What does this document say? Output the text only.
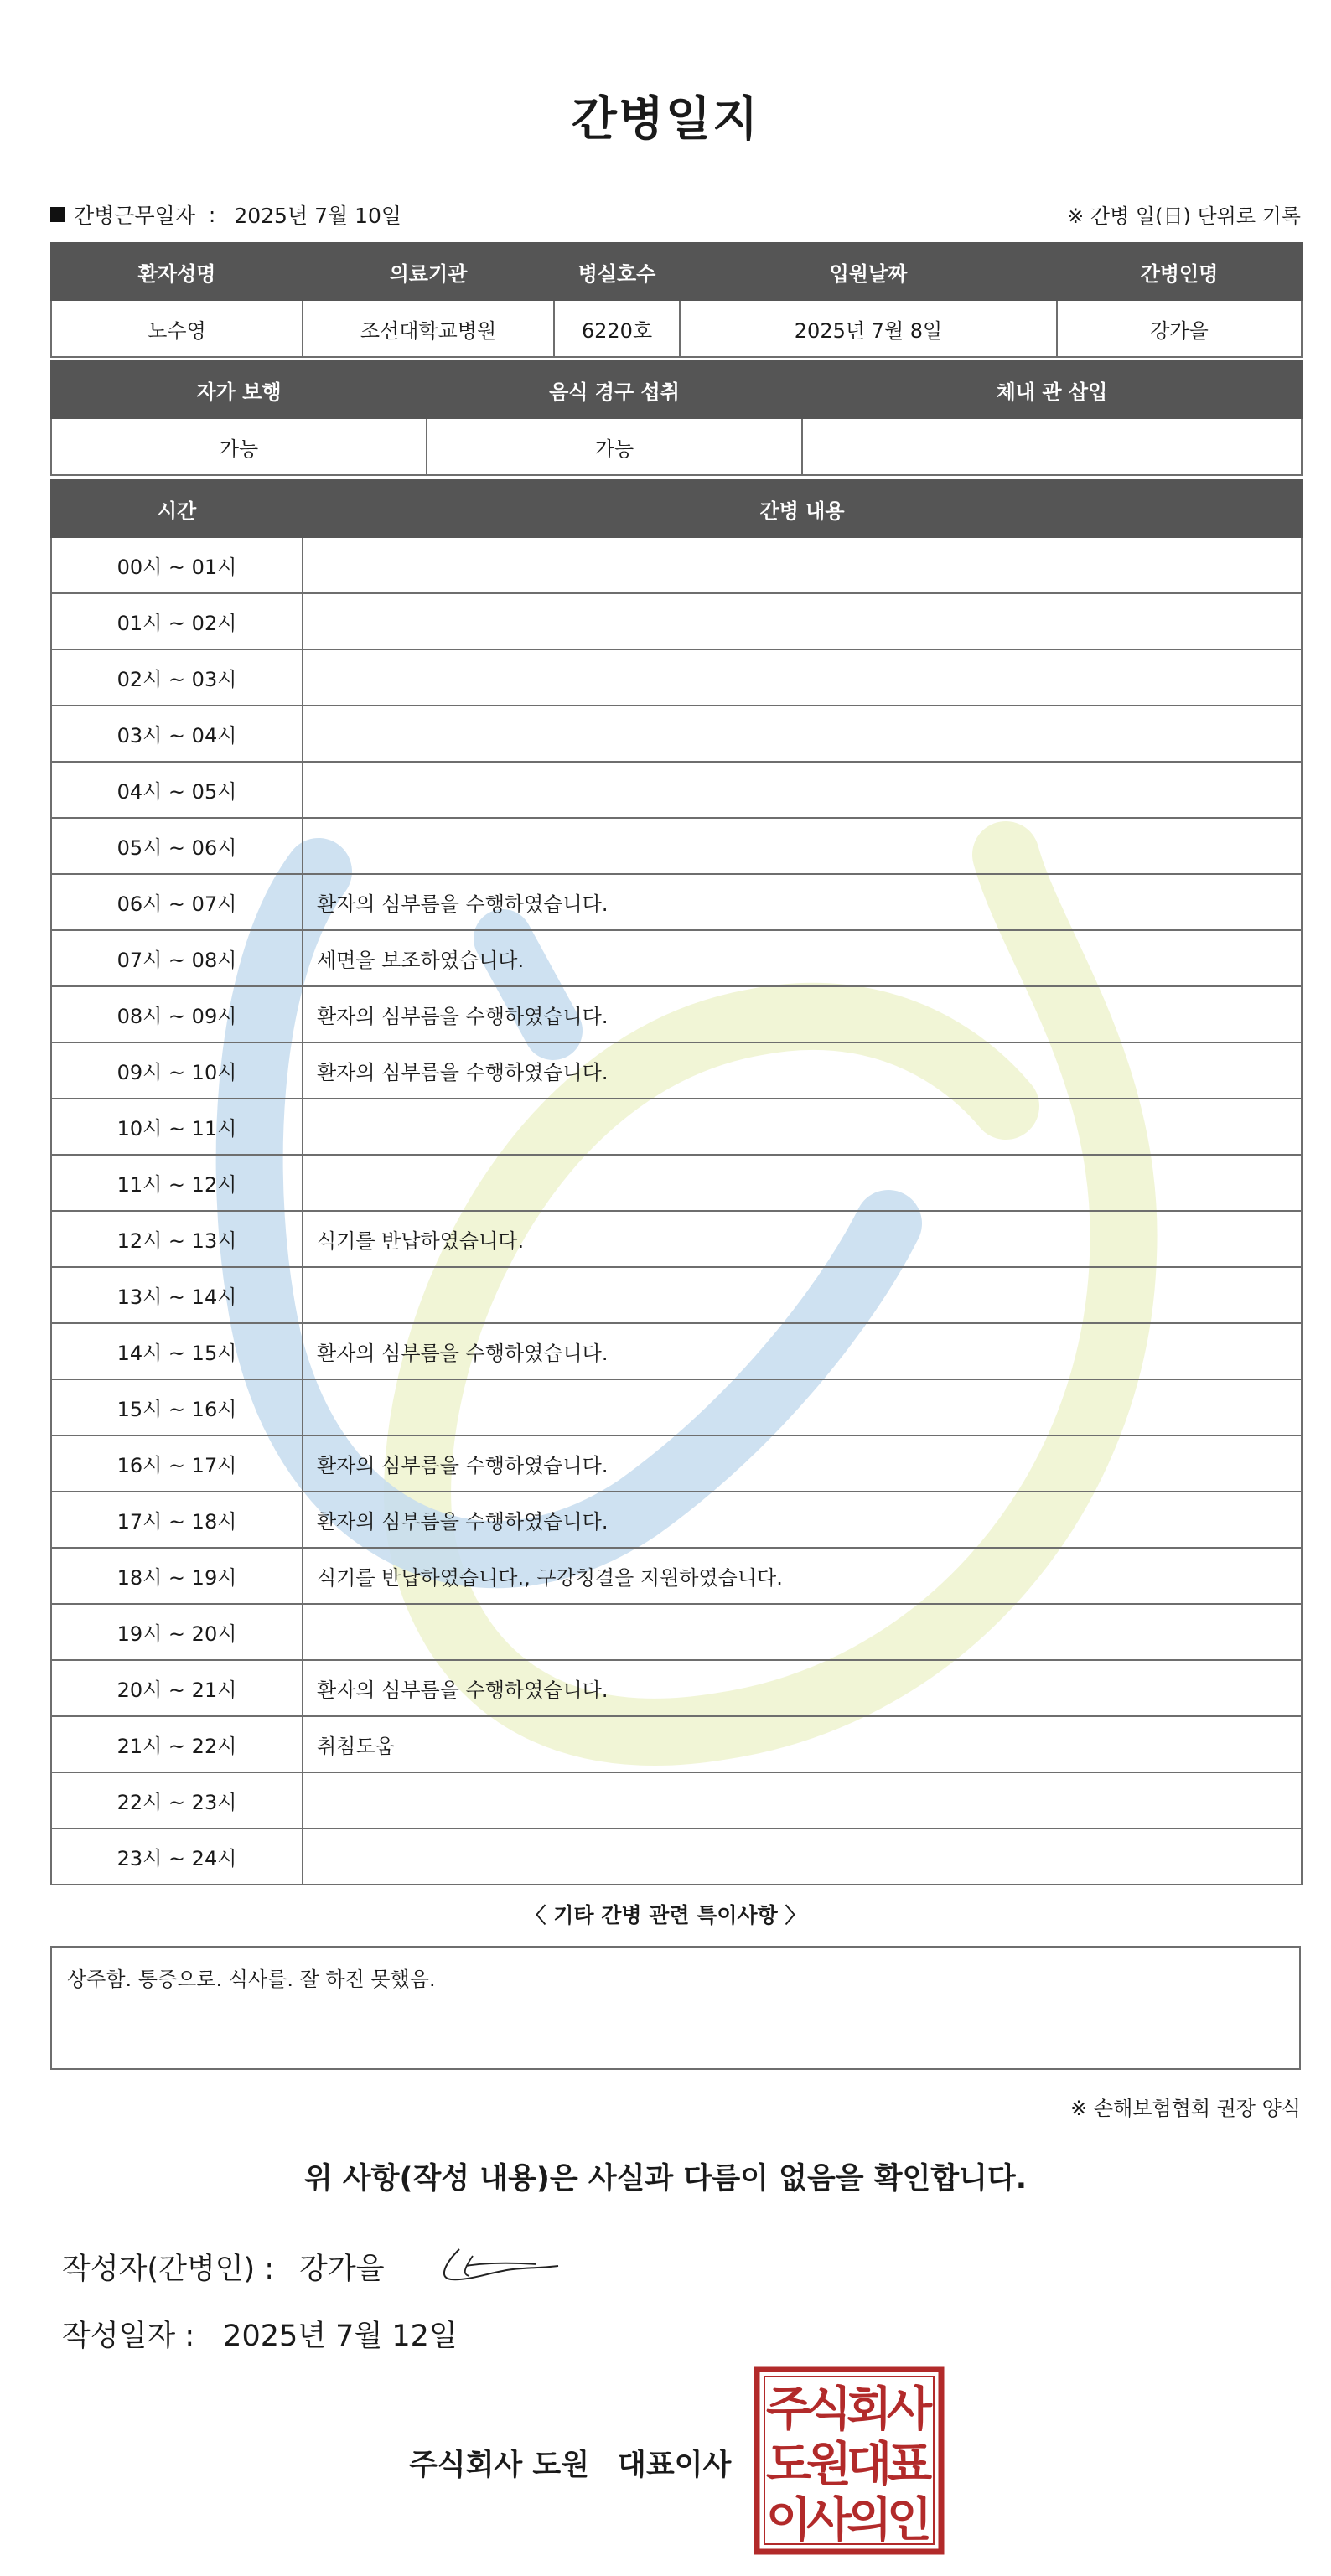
간병일지
간병근무일자 : 2025년 7월 10일	※ 간병 일(日) 단위로 기록
환자성명	의료기관	병실호수	입원날짜	간병인명
노수영	조선대학교병원	6220호	2025년 7월 8일	강가을
자가 보행	음식 경구 섭취	체내 관 삽입
가능	가능	
시간	간병 내용
00시 ~ 01시	
01시 ~ 02시	
02시 ~ 03시	
03시 ~ 04시	
04시 ~ 05시	
05시 ~ 06시	
06시 ~ 07시	환자의 심부름을 수행하였습니다.
07시 ~ 08시	세면을 보조하였습니다.
08시 ~ 09시	환자의 심부름을 수행하였습니다.
09시 ~ 10시	환자의 심부름을 수행하였습니다.
10시 ~ 11시	
11시 ~ 12시	
12시 ~ 13시	식기를 반납하였습니다.
13시 ~ 14시	
14시 ~ 15시	환자의 심부름을 수행하였습니다.
15시 ~ 16시	
16시 ~ 17시	환자의 심부름을 수행하였습니다.
17시 ~ 18시	환자의 심부름을 수행하였습니다.
18시 ~ 19시	식기를 반납하였습니다., 구강청결을 지원하였습니다.
19시 ~ 20시	
20시 ~ 21시	환자의 심부름을 수행하였습니다.
21시 ~ 22시	취침도움
22시 ~ 23시	
23시 ~ 24시	
〈 기타 간병 관련 특이사항 〉
상주함. 통증으로. 식사를. 잘 하진 못했음.
※ 손해보험협회 권장 양식
위 사항(작성 내용)은 사실과 다름이 없음을 확인합니다.
작성자(간병인) : 강가을
작성일자 : 2025년 7월 12일
주식회사 도원 대표이사
주
식
회
사
도
원
대
표
이
사
의
인
